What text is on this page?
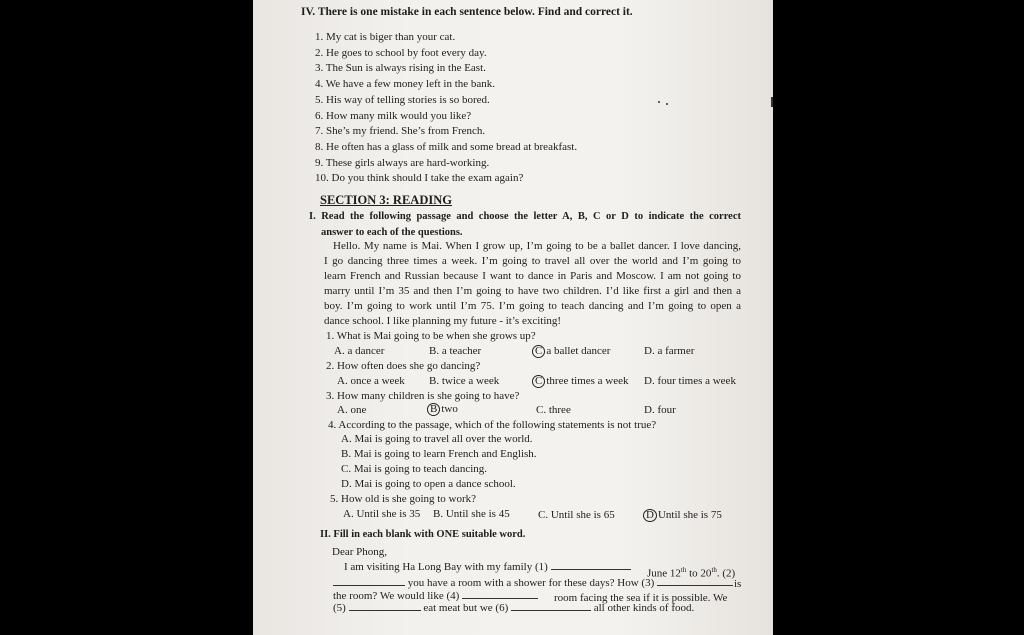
IV. There is one mistake in each sentence below. Find and correct it.
1. My cat is biger than your cat.
2. He goes to school by foot every day.
3. The Sun is always rising in the East.
4. We have a few money left in the bank.
5. His way of telling stories is so bored.
6. How many milk would you like?
7. She’s my friend. She’s from French.
8. He often has a glass of milk and some bread at breakfast.
9. These girls always are hard-working.
10. Do you think should I take the exam again?
SECTION 3: READING
I. Read the following passage and choose the letter A, B, C or D to indicate the correct
answer to each of the questions.
Hello. My name is Mai. When I grow up, I’m going to be a ballet dancer. I love dancing,
I go dancing three times a week. I’m going to travel all over the world and I’m going to
learn French and Russian because I want to dance in Paris and Moscow. I am not going to
marry until I’m 35 and then I’m going to have two children. I’d like first a girl and then a
boy. I’m going to work until I’m 75. I’m going to teach dancing and I’m going to open a
dance school. I like planning my future - it’s exciting!
1. What is Mai going to be when she grows up?
A. a dancer	B. a teacher	C a ballet dancer	D. a farmer
2. How often does she go dancing?
A. once a week B. twice a week	C three times a week D. four times a week
3. How many children is she going to have?
A. one	B two	C. three	D. four
4. According to the passage, which of the following statements is not true?
A. Mai is going to travel all over the world.
B. Mai is going to learn French and English.
C. Mai is going to teach dancing.
D. Mai is going to open a dance school.
5. How old is she going to work?
A. Until she is 35 B. Until she is 45	C. Until she is 65	D Until she is 75
II. Fill in each blank with ONE suitable word.
Dear Phong,
I am visiting Ha Long Bay with my family (1)
June 12th to 20th. (2)
you have a room with a shower for these days? How (3)	is
the room? We would like (4)	room facing the sea if it is possible. We
(5)	eat meat but we (6)	all other kinds of food.
